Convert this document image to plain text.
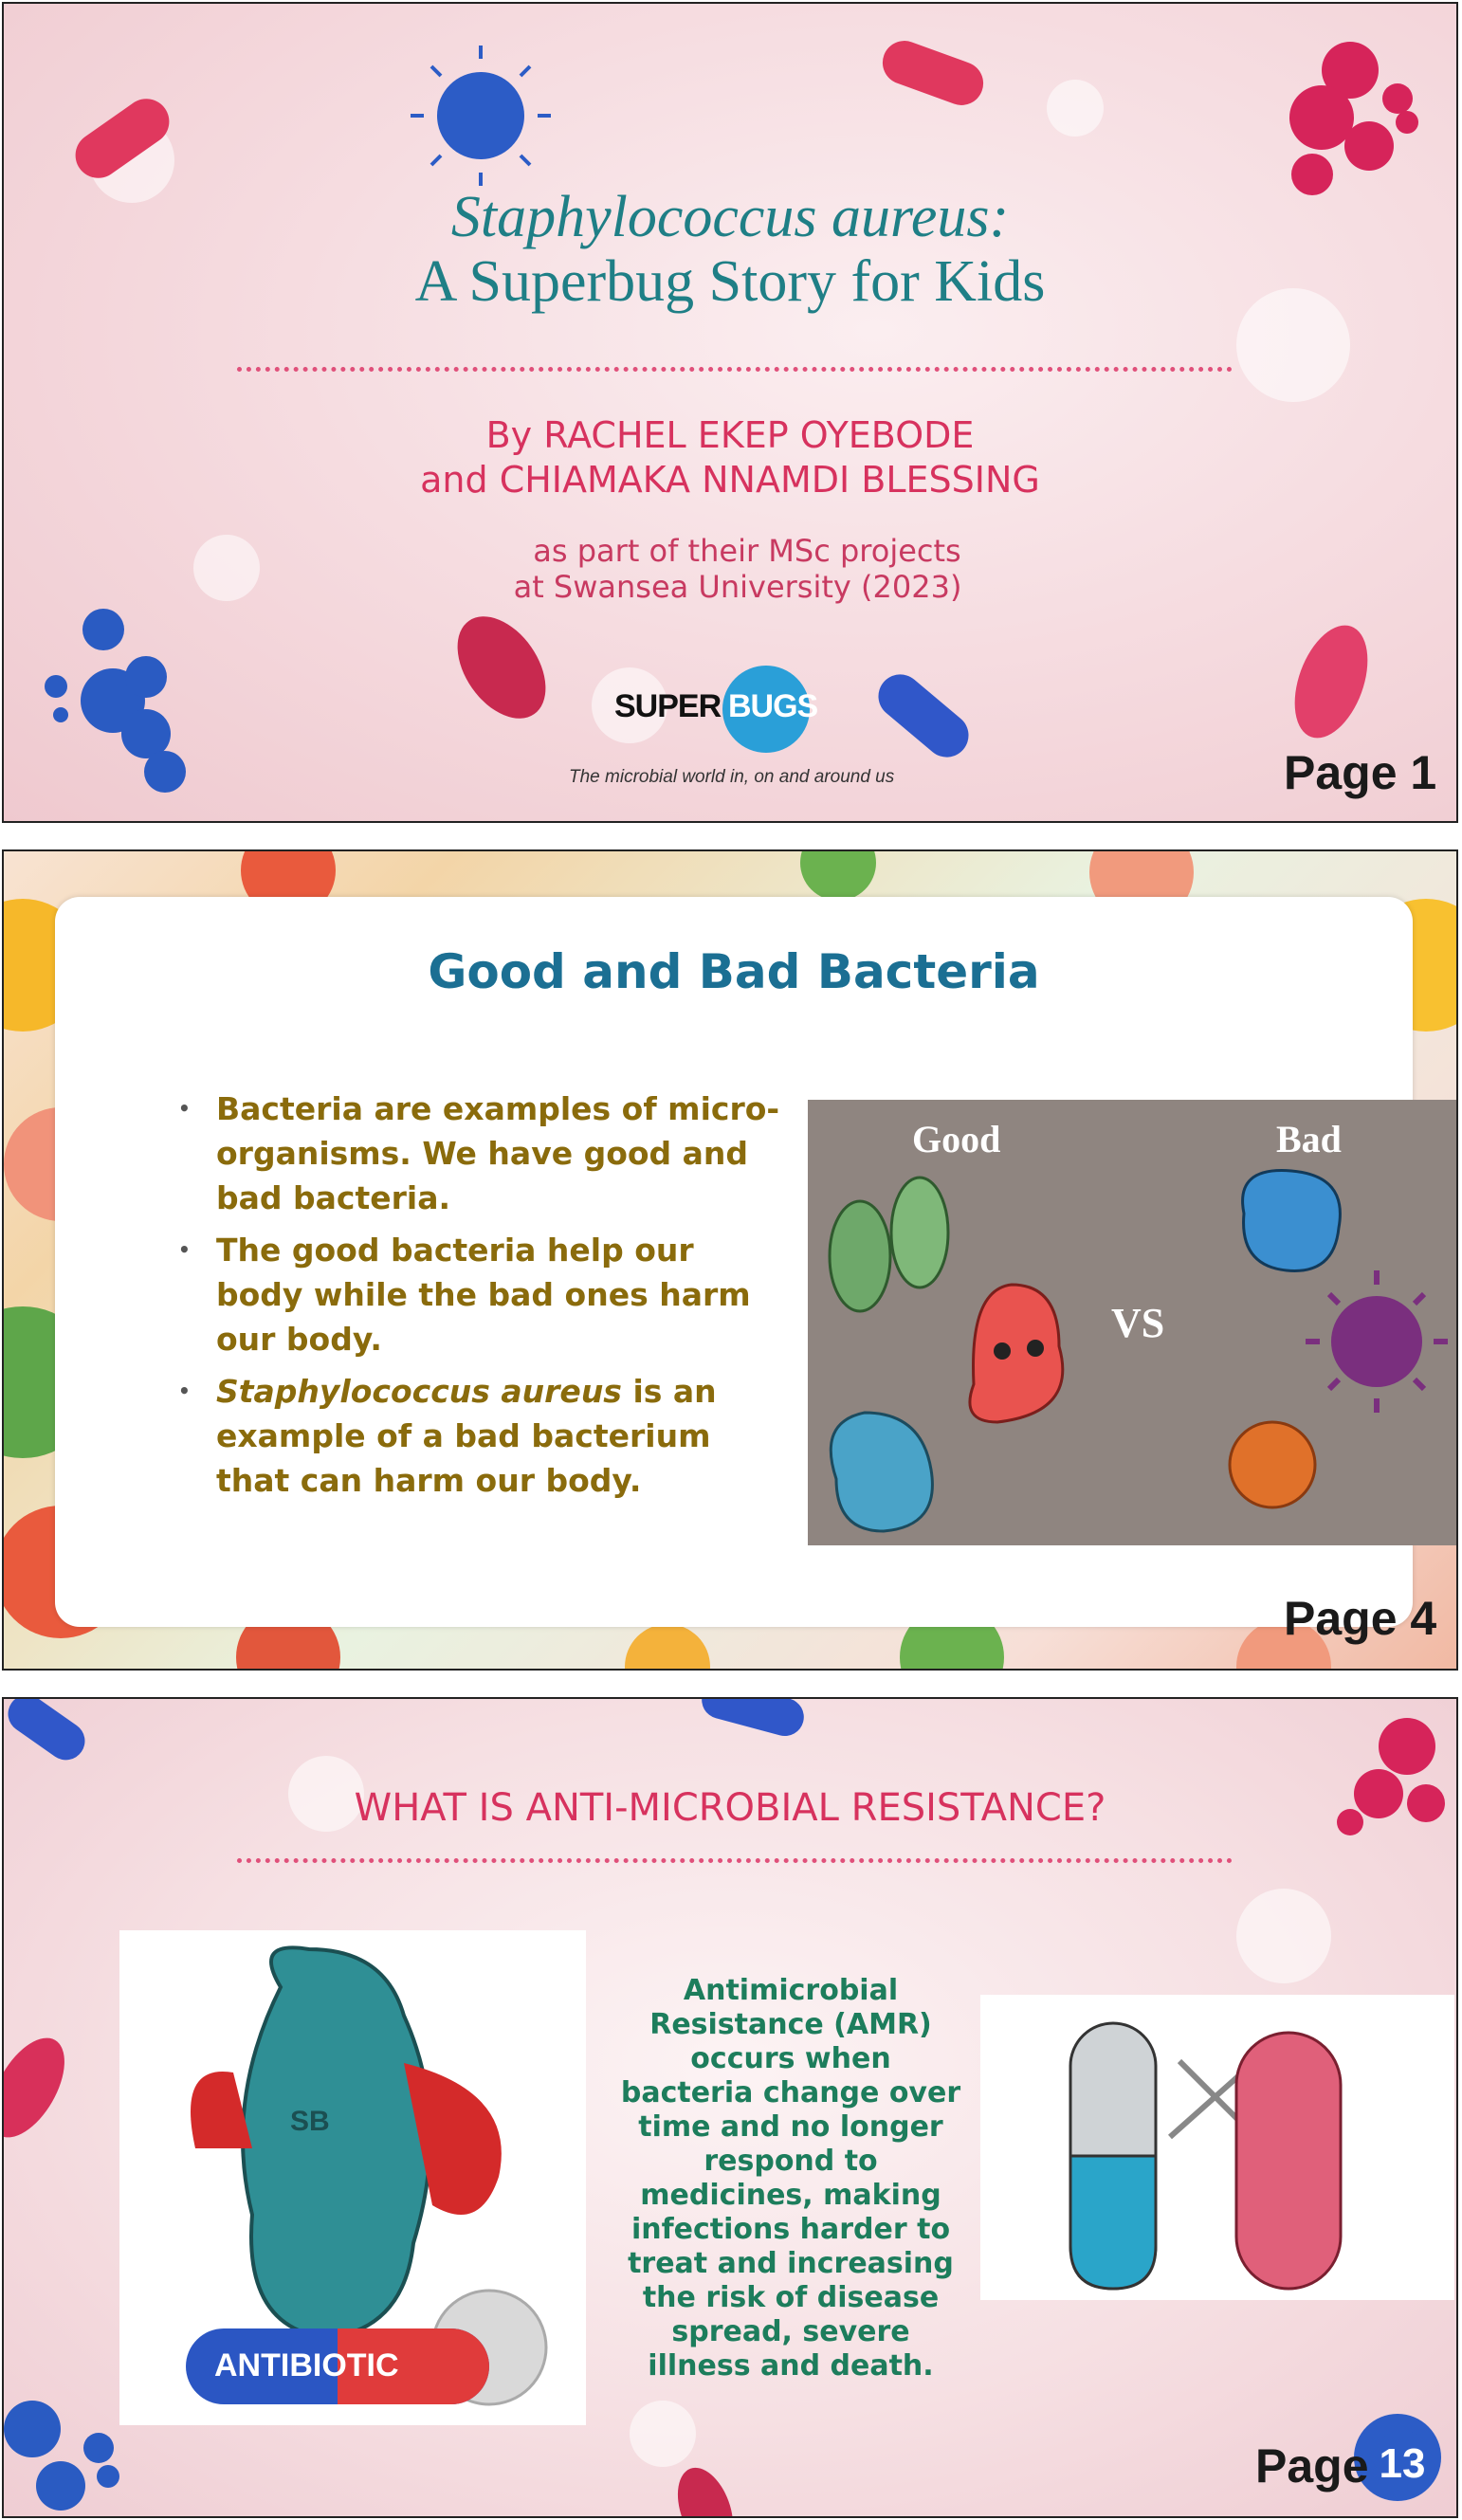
Staphylococcus aureus:
A Superbug Story for Kids
By RACHEL EKEP OYEBODE
and CHIAMAKA NNAMDI BLESSING
as part of their MSc projects
at Swansea University (2023)
SUPER BUGS
The microbial world in, on and around us	Page 1
Good and Bad Bacteria
• Bacteria are examples of micro-organisms. We have good and bad bacteria.
• The good bacteria help our body while the bad ones harm our body.
• Staphylococcus aureus is an example of a bad bacterium that can harm our body.
Good
VS
Bad
Page 4
WHAT IS ANTI-MICROBIAL RESISTANCE?
ANTIBIOTIC
SB
Antimicrobial Resistance (AMR) occurs when bacteria change over time and no longer respond to medicines, making infections harder to treat and increasing the risk of disease spread, severe illness and death.
Page 13
